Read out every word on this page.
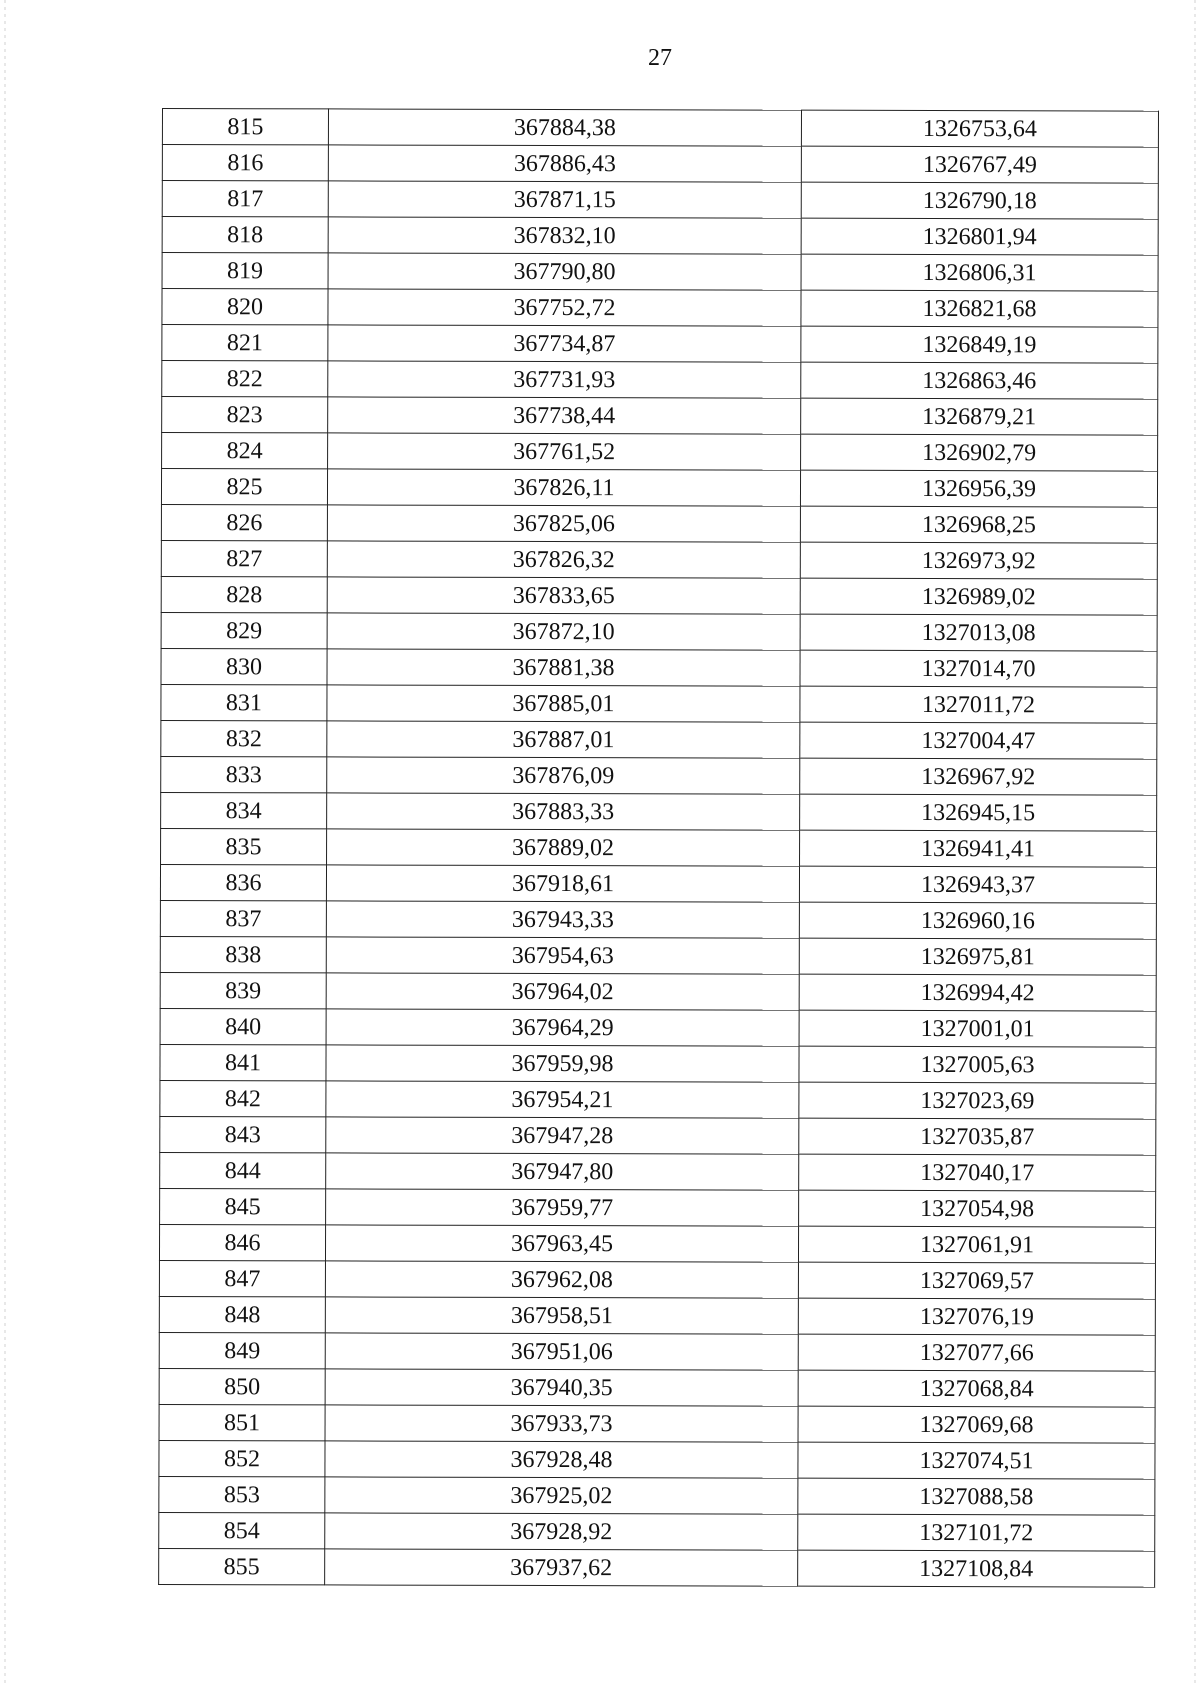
27
815	367884,38	1326753,64
816	367886,43	1326767,49
817	367871,15	1326790,18
818	367832,10	1326801,94
819	367790,80	1326806,31
820	367752,72	1326821,68
821	367734,87	1326849,19
822	367731,93	1326863,46
823	367738,44	1326879,21
824	367761,52	1326902,79
825	367826,11	1326956,39
826	367825,06	1326968,25
827	367826,32	1326973,92
828	367833,65	1326989,02
829	367872,10	1327013,08
830	367881,38	1327014,70
831	367885,01	1327011,72
832	367887,01	1327004,47
833	367876,09	1326967,92
834	367883,33	1326945,15
835	367889,02	1326941,41
836	367918,61	1326943,37
837	367943,33	1326960,16
838	367954,63	1326975,81
839	367964,02	1326994,42
840	367964,29	1327001,01
841	367959,98	1327005,63
842	367954,21	1327023,69
843	367947,28	1327035,87
844	367947,80	1327040,17
845	367959,77	1327054,98
846	367963,45	1327061,91
847	367962,08	1327069,57
848	367958,51	1327076,19
849	367951,06	1327077,66
850	367940,35	1327068,84
851	367933,73	1327069,68
852	367928,48	1327074,51
853	367925,02	1327088,58
854	367928,92	1327101,72
855	367937,62	1327108,84
